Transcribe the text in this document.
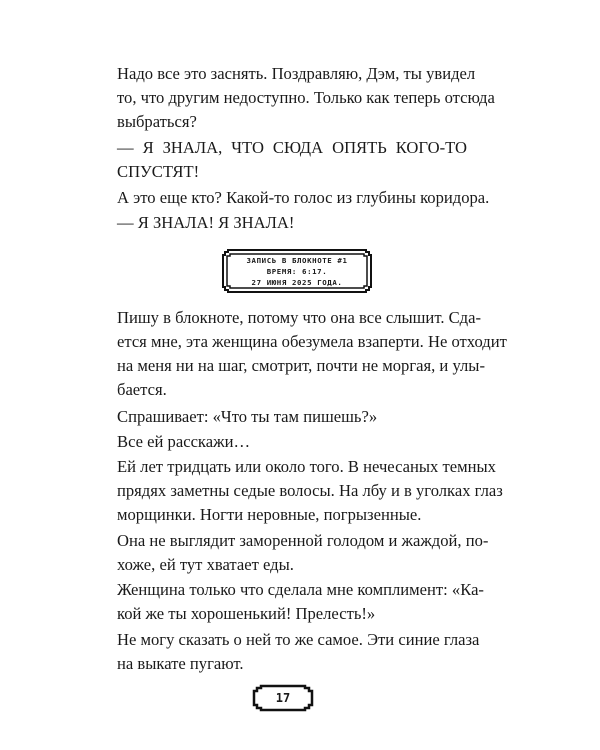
Надо все это заснять. Поздравляю, Дэм, ты увидел
то, что другим недоступно. Только как теперь отсюда
выбраться?

— Я ЗНАЛА, ЧТО СЮДА ОПЯТЬ КОГО-ТО
СПУСТЯТ!

А это еще кто? Какой-то голос из глубины коридора.

— Я ЗНАЛА! Я ЗНАЛА!

ЗАПИСЬ В БЛОКНОТЕ #1
ВРЕМЯ: 6:17.
27 ИЮНЯ 2025 ГОДА.

Пишу в блокноте, потому что она все слышит. Сда-
ется мне, эта женщина обезумела взаперти. Не отходит
на меня ни на шаг, смотрит, почти не моргая, и улы-
бается.

Спрашивает: «Что ты там пишешь?»

Все ей расскажи…

Ей лет тридцать или около того. В нечесаных темных
прядях заметны седые волосы. На лбу и в уголках глаз
морщинки. Ногти неровные, погрызенные.

Она не выглядит заморенной голодом и жаждой, по-
хоже, ей тут хватает еды.

Женщина только что сделала мне комплимент: «Ка-
кой же ты хорошенький! Прелесть!»

Не могу сказать о ней то же самое. Эти синие глаза
на выкате пугают.

17
